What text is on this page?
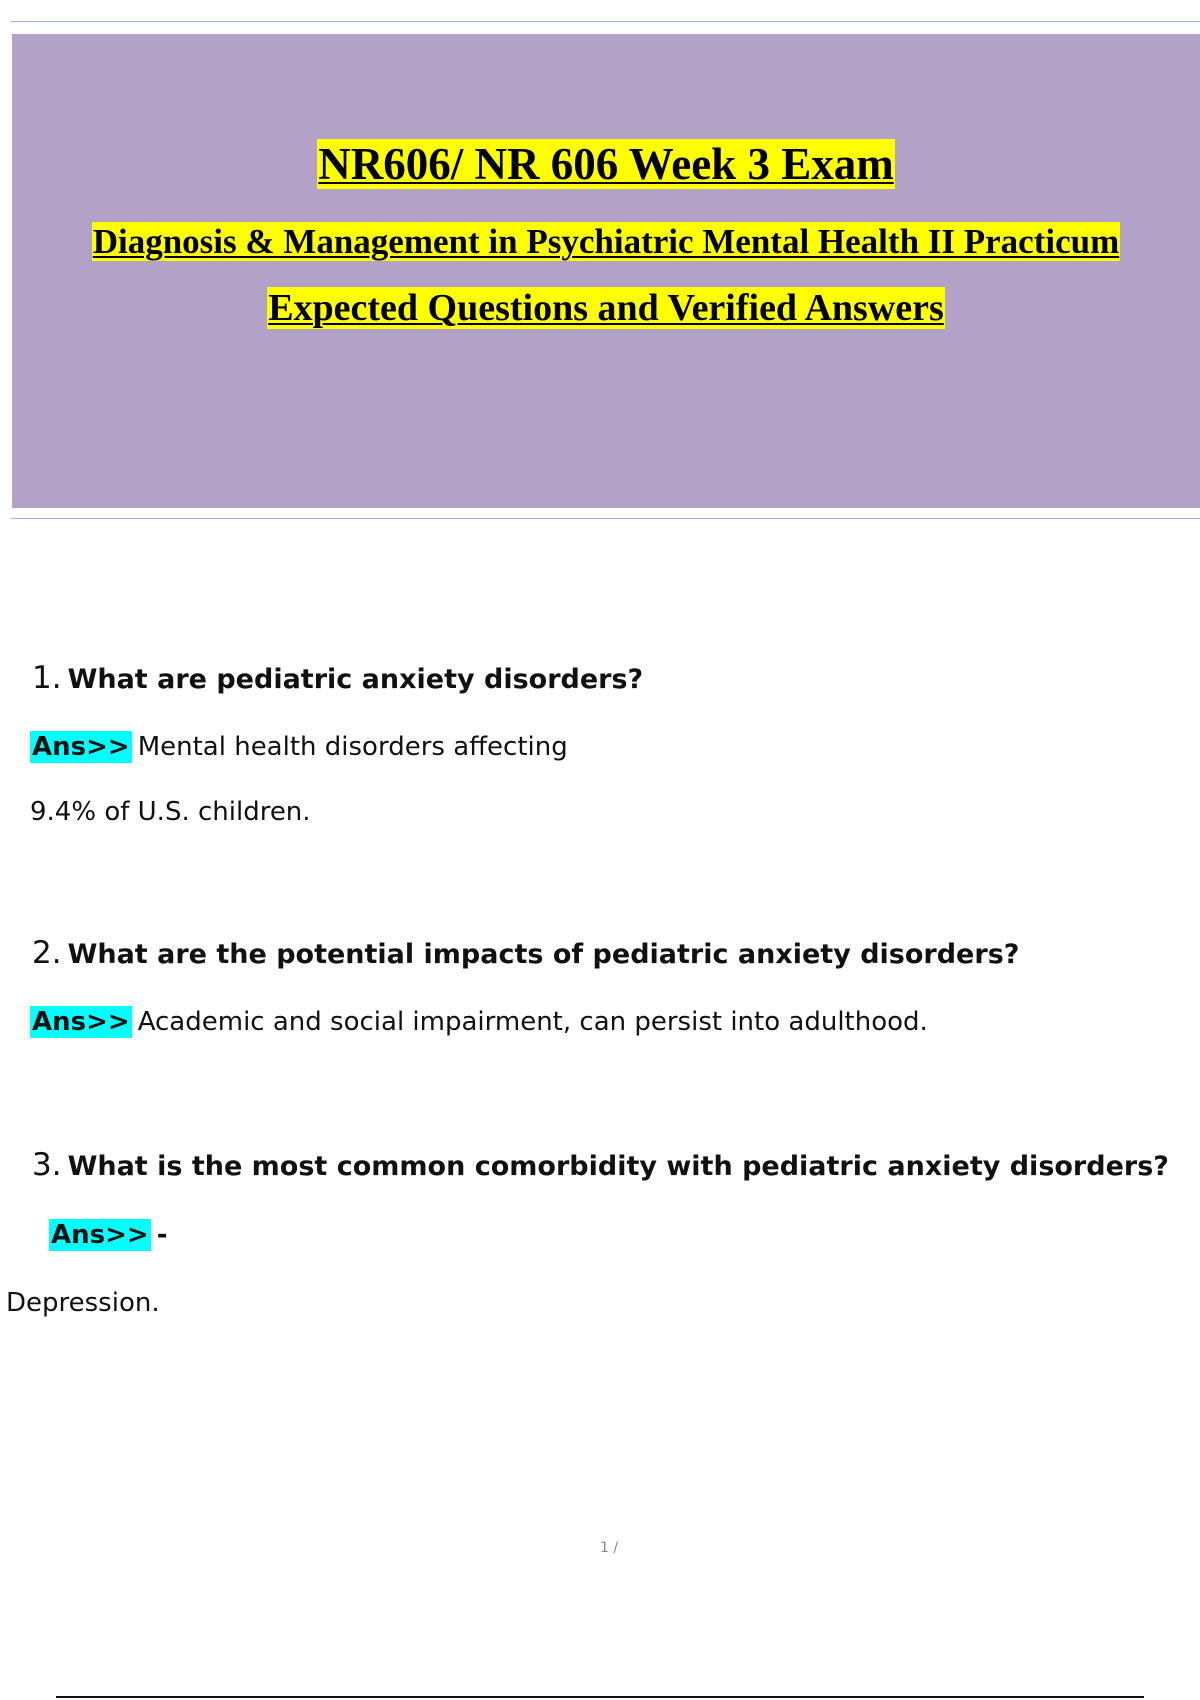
NR606/ NR 606 Week 3 Exam
Diagnosis & Management in Psychiatric Mental Health II Practicum
Expected Questions and Verified Answers
1. What are pediatric anxiety disorders?
Ans>> Mental health disorders affecting
9.4% of U.S. children.
2. What are the potential impacts of pediatric anxiety disorders?
Ans>> Academic and social impairment, can persist into adulthood.
3. What is the most common comorbidity with pediatric anxiety disorders?
Ans>> -
Depression.
1 /
